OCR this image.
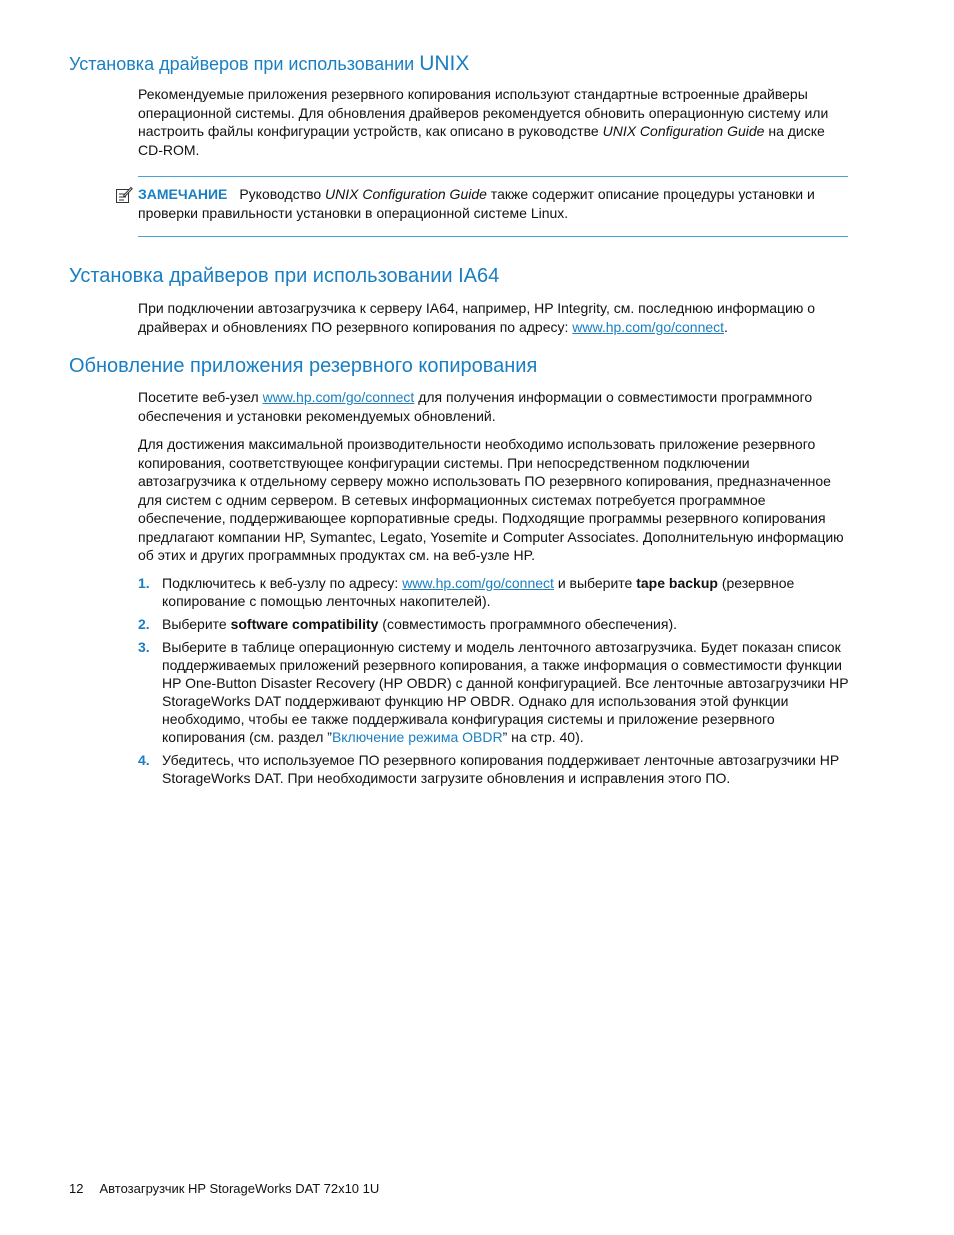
Установка драйверов при использовании UNIX
Рекомендуемые приложения резервного копирования используют стандартные встроенные драйверы операционной системы. Для обновления драйверов рекомендуется обновить операционную систему или настроить файлы конфигурации устройств, как описано в руководстве UNIX Configuration Guide на диске CD-ROM.
ЗАМЕЧАНИЕ Руководство UNIX Configuration Guide также содержит описание процедуры установки и проверки правильности установки в операционной системе Linux.
Установка драйверов при использовании IA64
При подключении автозагрузчика к серверу IA64, например, HP Integrity, см. последнюю информацию о драйверах и обновлениях ПО резервного копирования по адресу: www.hp.com/go/connect.
Обновление приложения резервного копирования
Посетите веб-узел www.hp.com/go/connect для получения информации о совместимости программного обеспечения и установки рекомендуемых обновлений.
Для достижения максимальной производительности необходимо использовать приложение резервного копирования, соответствующее конфигурации системы. При непосредственном подключении автозагрузчика к отдельному серверу можно использовать ПО резервного копирования, предназначенное для систем с одним сервером. В сетевых информационных системах потребуется программное обеспечение, поддерживающее корпоративные среды. Подходящие программы резервного копирования предлагают компании HP, Symantec, Legato, Yosemite и Computer Associates. Дополнительную информацию об этих и других программных продуктах см. на веб-узле HP.
1. Подключитесь к веб-узлу по адресу: www.hp.com/go/connect и выберите tape backup (резервное копирование с помощью ленточных накопителей).
2. Выберите software compatibility (совместимость программного обеспечения).
3. Выберите в таблице операционную систему и модель ленточного автозагрузчика. Будет показан список поддерживаемых приложений резервного копирования, а также информация о совместимости функции HP One-Button Disaster Recovery (HP OBDR) с данной конфигурацией. Все ленточные автозагрузчики HP StorageWorks DAT поддерживают функцию HP OBDR. Однако для использования этой функции необходимо, чтобы ее также поддерживала конфигурация системы и приложение резервного копирования (см. раздел ”Включение режима OBDR” на стр. 40).
4. Убедитесь, что используемое ПО резервного копирования поддерживает ленточные автозагрузчики HP StorageWorks DAT. При необходимости загрузите обновления и исправления этого ПО.
12 Автозагрузчик HP StorageWorks DAT 72x10 1U
